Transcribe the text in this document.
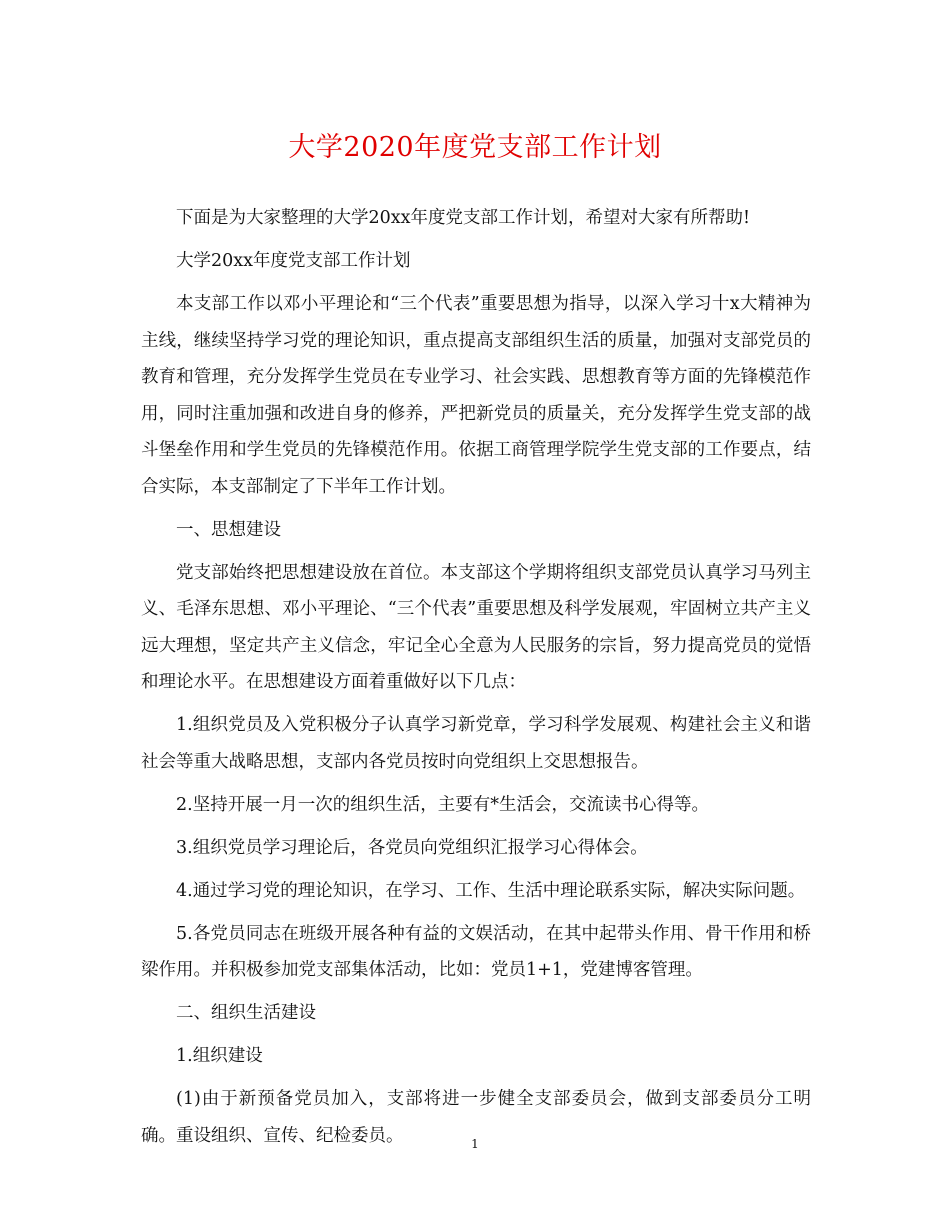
大学2020年度党支部工作计划

下面是为大家整理的大学20xx年度党支部工作计划，希望对大家有所帮助!

大学20xx年度党支部工作计划

本支部工作以邓小平理论和“三个代表”重要思想为指导，以深入学习十x大精神为主线，继续坚持学习党的理论知识，重点提高支部组织生活的质量，加强对支部党员的教育和管理，充分发挥学生党员在专业学习、社会实践、思想教育等方面的先锋模范作用，同时注重加强和改进自身的修养，严把新党员的质量关，充分发挥学生党支部的战斗堡垒作用和学生党员的先锋模范作用。依据工商管理学院学生党支部的工作要点，结合实际，本支部制定了下半年工作计划。

一、思想建设

党支部始终把思想建设放在首位。本支部这个学期将组织支部党员认真学习马列主义、毛泽东思想、邓小平理论、“三个代表”重要思想及科学发展观，牢固树立共产主义远大理想，坚定共产主义信念，牢记全心全意为人民服务的宗旨，努力提高党员的觉悟和理论水平。在思想建设方面着重做好以下几点：

1.组织党员及入党积极分子认真学习新党章，学习科学发展观、构建社会主义和谐社会等重大战略思想，支部内各党员按时向党组织上交思想报告。

2.坚持开展一月一次的组织生活，主要有*生活会，交流读书心得等。

3.组织党员学习理论后，各党员向党组织汇报学习心得体会。

4.通过学习党的理论知识，在学习、工作、生活中理论联系实际，解决实际问题。

5.各党员同志在班级开展各种有益的文娱活动，在其中起带头作用、骨干作用和桥梁作用。并积极参加党支部集体活动，比如：党员1+1，党建博客管理。

二、组织生活建设

1.组织建设

(1)由于新预备党员加入，支部将进一步健全支部委员会，做到支部委员分工明确。重设组织、宣传、纪检委员。	1
